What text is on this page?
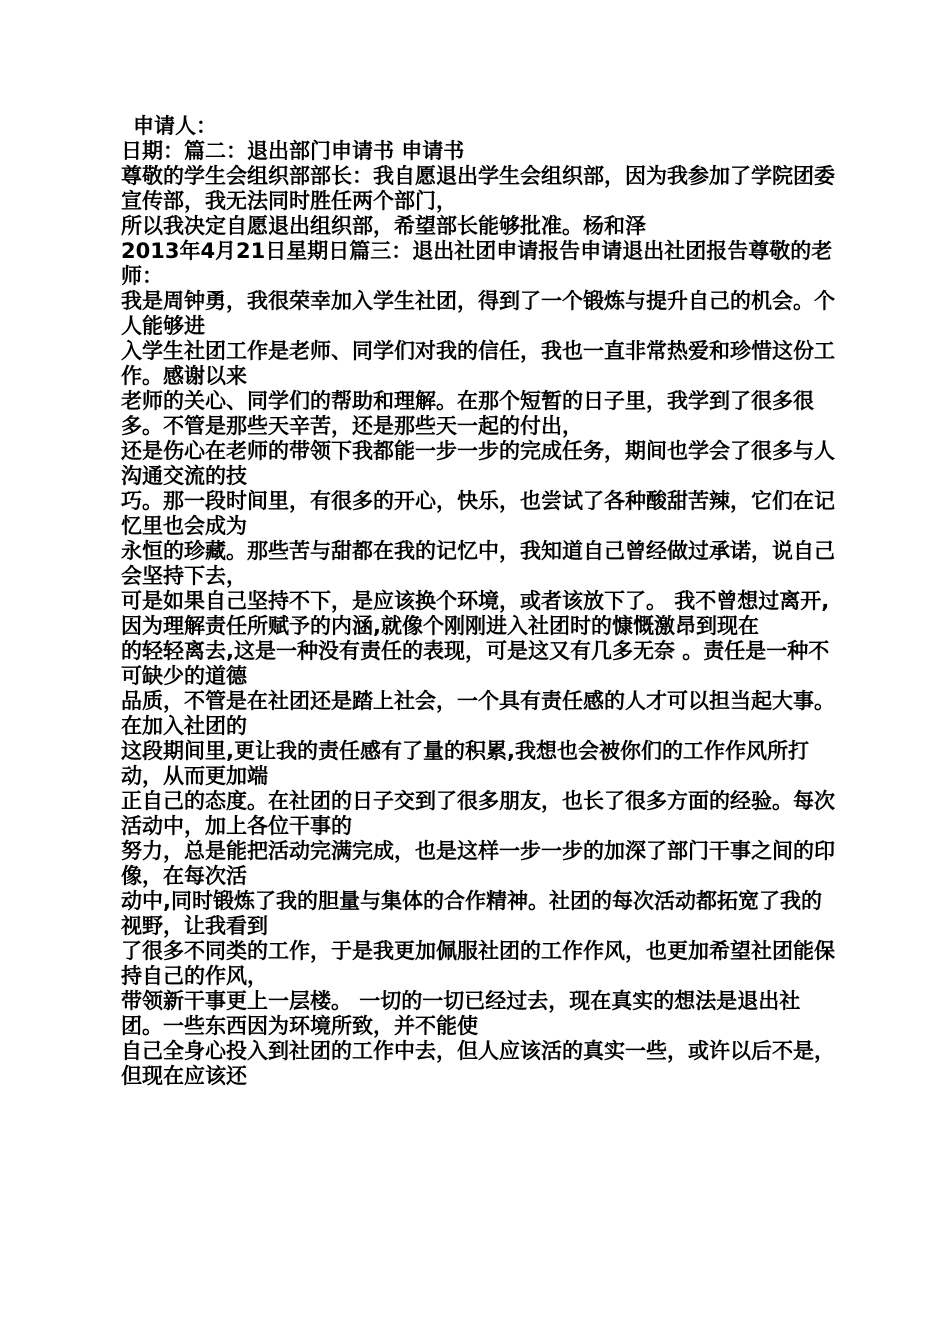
申请人：

日期：篇二：退出部门申请书 申请书

尊敬的学生会组织部部长：我自愿退出学生会组织部，因为我参加了学院团委宣传部，我无法同时胜任两个部门，

所以我决定自愿退出组织部，希望部长能够批准。杨和泽

2013年4月21日星期日篇三：退出社团申请报告申请退出社团报告尊敬的老师：

我是周钟勇，我很荣幸加入学生社团，得到了一个锻炼与提升自己的机会。个人能够进

入学生社团工作是老师、同学们对我的信任，我也一直非常热爱和珍惜这份工作。感谢以来

老师的关心、同学们的帮助和理解。在那个短暂的日子里，我学到了很多很多。不管是那些天辛苦，还是那些天一起的付出，

还是伤心在老师的带领下我都能一步一步的完成任务，期间也学会了很多与人沟通交流的技

巧。那一段时间里，有很多的开心，快乐，也尝试了各种酸甜苦辣，它们在记忆里也会成为

永恒的珍藏。那些苦与甜都在我的记忆中，我知道自己曾经做过承诺，说自己会坚持下去，

可是如果自己坚持不下，是应该换个环境，或者该放下了。 我不曾想过离开,因为理解责任所赋予的内涵,就像个刚刚进入社团时的慷慨激昂到现在

的轻轻离去,这是一种没有责任的表现，可是这又有几多无奈 。责任是一种不可缺少的道德

品质，不管是在社团还是踏上社会，一个具有责任感的人才可以担当起大事。在加入社团的

这段期间里,更让我的责任感有了量的积累,我想也会被你们的工作作风所打动，从而更加端

正自己的态度。在社团的日子交到了很多朋友，也长了很多方面的经验。每次活动中，加上各位干事的

努力，总是能把活动完满完成，也是这样一步一步的加深了部门干事之间的印像，在每次活

动中,同时锻炼了我的胆量与集体的合作精神。社团的每次活动都拓宽了我的视野，让我看到

了很多不同类的工作，于是我更加佩服社团的工作作风，也更加希望社团能保持自己的作风，

带领新干事更上一层楼。 一切的一切已经过去，现在真实的想法是退出社团。一些东西因为环境所致，并不能使

自己全身心投入到社团的工作中去，但人应该活的真实一些，或许以后不是，但现在应该还
